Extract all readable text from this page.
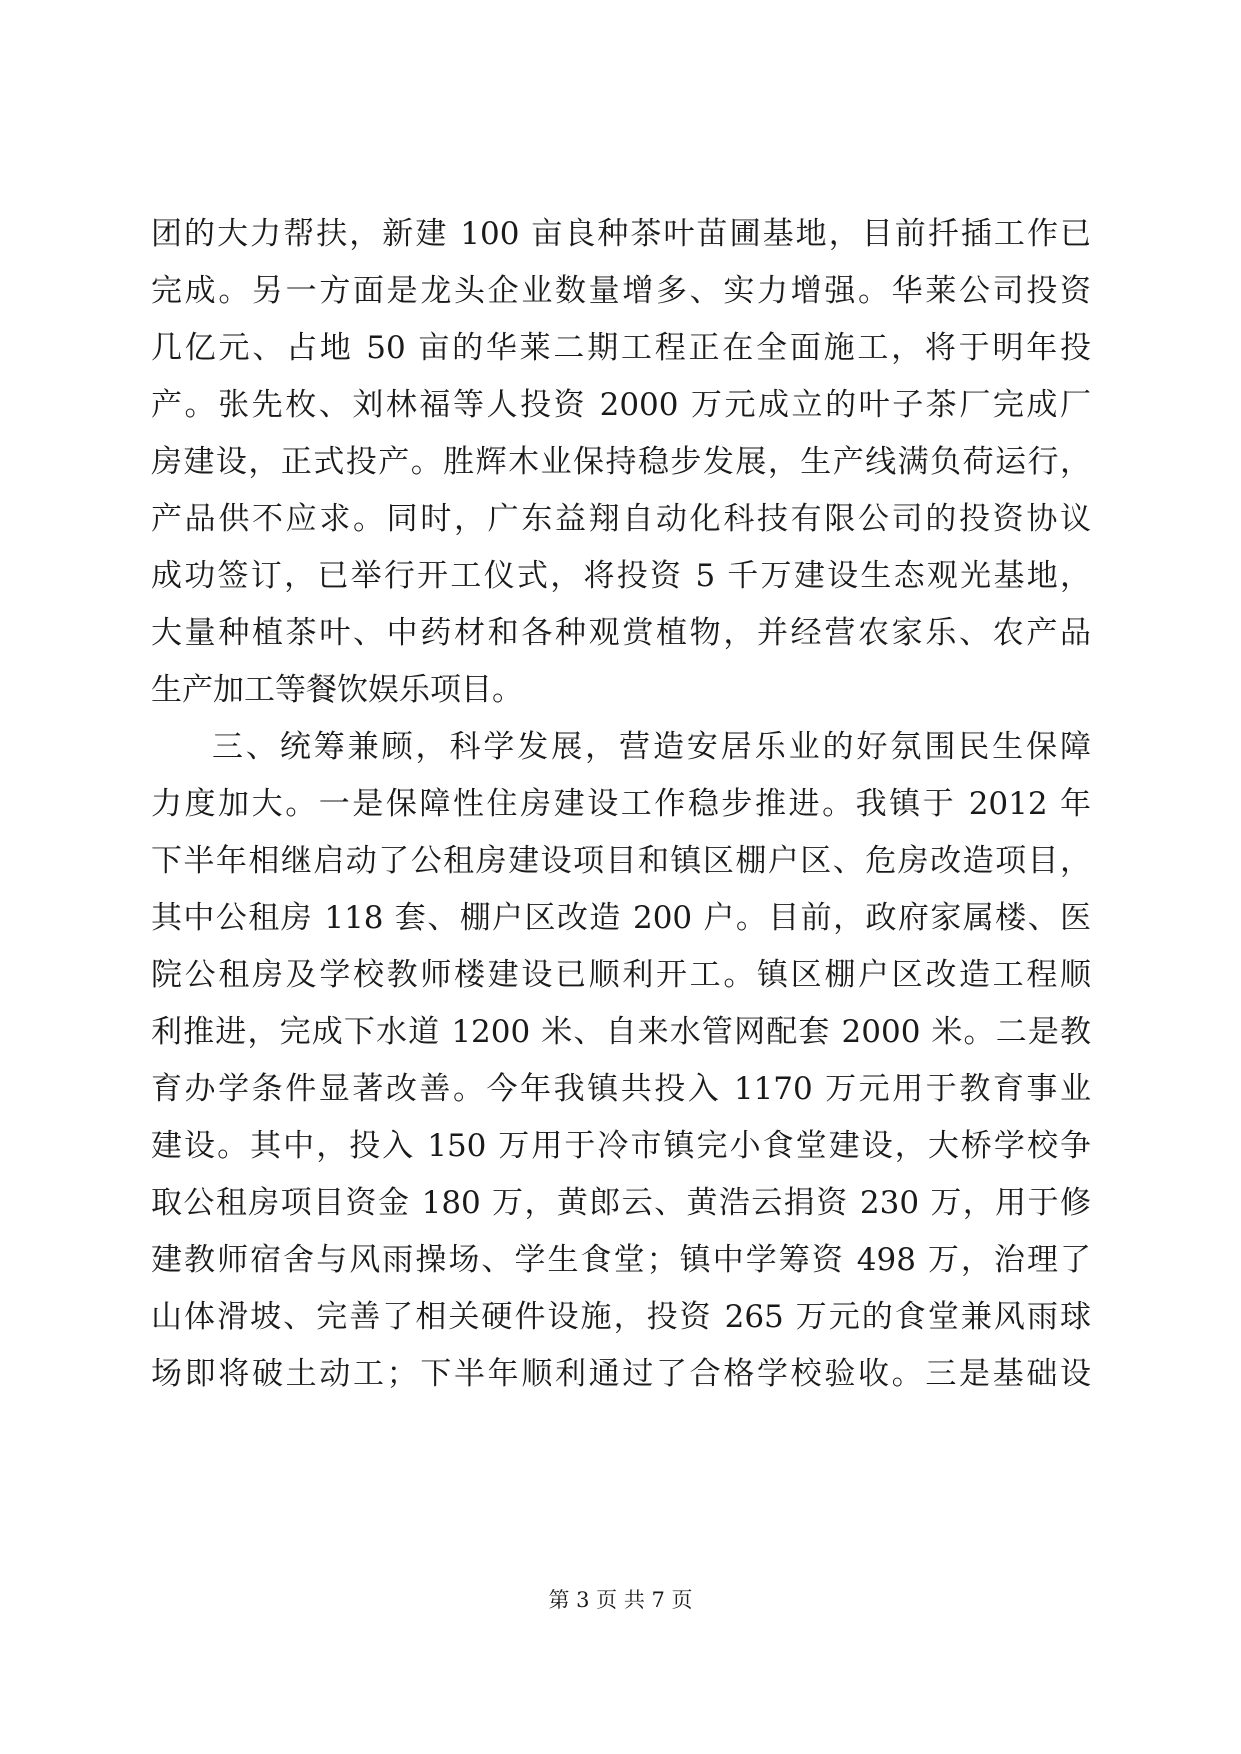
团的大力帮扶，新建 100 亩良种茶叶苗圃基地，目前扦插工作已
完成。另一方面是龙头企业数量增多、实力增强。华莱公司投资
几亿元、占地 50 亩的华莱二期工程正在全面施工，将于明年投
产。张先枚、刘林福等人投资 2000 万元成立的叶子茶厂完成厂
房建设，正式投产。胜辉木业保持稳步发展，生产线满负荷运行，
产品供不应求。同时，广东益翔自动化科技有限公司的投资协议
成功签订，已举行开工仪式，将投资 5 千万建设生态观光基地，
大量种植茶叶、中药材和各种观赏植物，并经营农家乐、农产品
生产加工等餐饮娱乐项目。
三、统筹兼顾，科学发展，营造安居乐业的好氛围民生保障
力度加大。一是保障性住房建设工作稳步推进。我镇于 2012 年
下半年相继启动了公租房建设项目和镇区棚户区、危房改造项目，
其中公租房 118 套、棚户区改造 200 户。目前，政府家属楼、医
院公租房及学校教师楼建设已顺利开工。镇区棚户区改造工程顺
利推进，完成下水道 1200 米、自来水管网配套 2000 米。二是教
育办学条件显著改善。今年我镇共投入 1170 万元用于教育事业
建设。其中，投入 150 万用于冷市镇完小食堂建设，大桥学校争
取公租房项目资金 180 万，黄郎云、黄浩云捐资 230 万，用于修
建教师宿舍与风雨操场、学生食堂；镇中学筹资 498 万，治理了
山体滑坡、完善了相关硬件设施，投资 265 万元的食堂兼风雨球
场即将破土动工；下半年顺利通过了合格学校验收。三是基础设
第 3 页 共 7 页
